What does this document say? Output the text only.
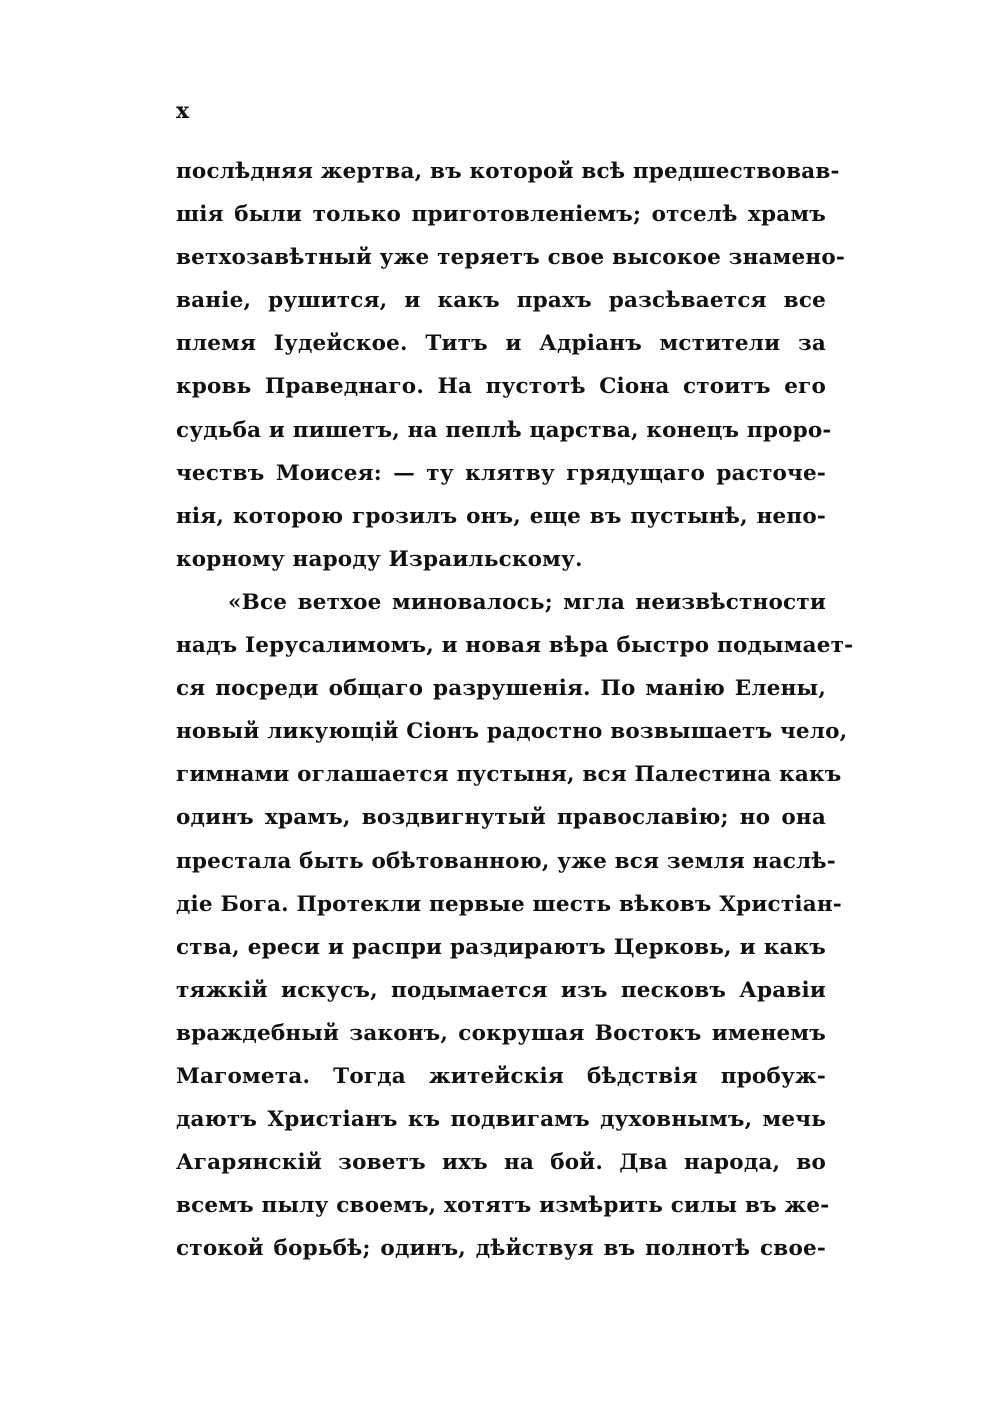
x
послѣдняя жертва, въ которой всѣ предшествовав-
шія были только приготовленіемъ; отселѣ храмъ
ветхозавѣтный уже теряетъ свое высокое знамено-
ваніе, рушится, и какъ прахъ разсѣвается все
племя Іудейское. Титъ и Адріанъ мстители за
кровь Праведнаго. На пустотѣ Сіона стоитъ его
судьба и пишетъ, на пеплѣ царства, конецъ проро-
чествъ Моисея: — ту клятву грядущаго расточе-
нія, которою грозилъ онъ, еще въ пустынѣ, непо-
корному народу Израильскому.
«Все ветхое миновалось; мгла неизвѣстности
надъ Іерусалимомъ, и новая вѣра быстро подымает-
ся посреди общаго разрушенія. По манію Елены,
новый ликующій Сіонъ радостно возвышаетъ чело,
гимнами оглашается пустыня, вся Палестина какъ
одинъ храмъ, воздвигнутый православію; но она
престала быть обѣтованною, уже вся земля наслѣ-
діе Бога. Протекли первые шесть вѣковъ Христіан-
ства, ереси и распри раздираютъ Церковь, и какъ
тяжкій искусъ, подымается изъ песковъ Аравіи
враждебный законъ, сокрушая Востокъ именемъ
Магомета. Тогда житейскія бѣдствія пробуж-
даютъ Христіанъ къ подвигамъ духовнымъ, мечь
Агарянскій зоветъ ихъ на бой. Два народа, во
всемъ пылу своемъ, хотятъ измѣрить силы въ же-
стокой борьбѣ; одинъ, дѣйствуя въ полнотѣ свое-
